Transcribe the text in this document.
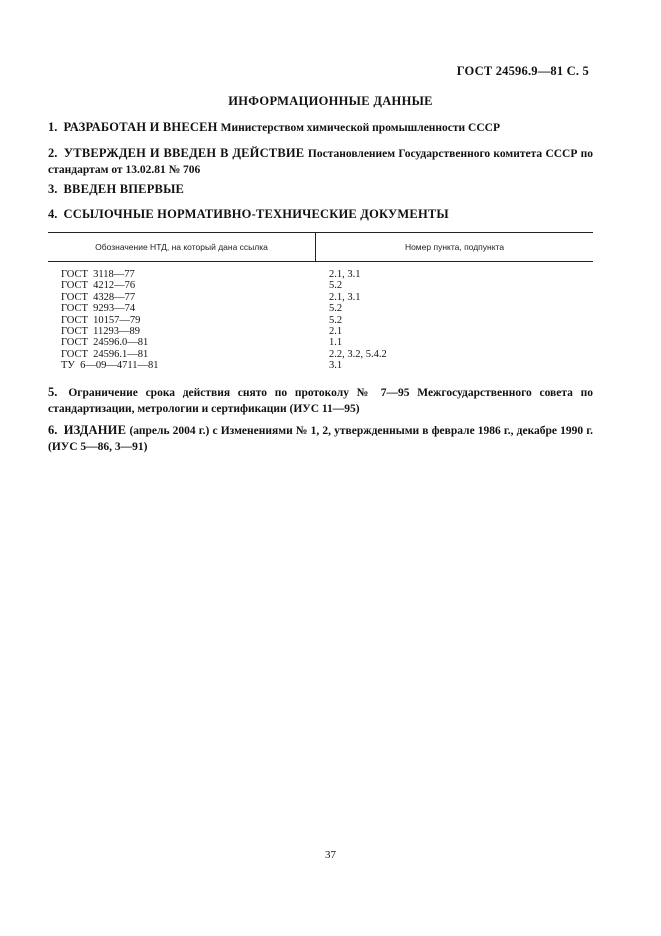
ГОСТ 24596.9—81 С. 5
ИНФОРМАЦИОННЫЕ ДАННЫЕ
1. РАЗРАБОТАН И ВНЕСЕН Министерством химической промышленности СССР
2. УТВЕРЖДЕН И ВВЕДЕН В ДЕЙСТВИЕ Постановлением Государственного комитета СССР по стандартам от 13.02.81 № 706
3. ВВЕДЕН ВПЕРВЫЕ
4. ССЫЛОЧНЫЕ НОРМАТИВНО-ТЕХНИЧЕСКИЕ ДОКУМЕНТЫ
Обозначение НТД, на который дана ссылка	Номер пункта, подпункта
ГОСТ  3118—77
ГОСТ  4212—76
ГОСТ  4328—77
ГОСТ  9293—74
ГОСТ  10157—79
ГОСТ  11293—89
ГОСТ  24596.0—81
ГОСТ  24596.1—81
ТУ  6—09—4711—81
2.1, 3.1
5.2
2.1, 3.1
5.2
5.2
2.1
1.1
2.2, 3.2, 5.4.2
3.1
5. Ограничение срока действия снято по протоколу № 7—95 Межгосударственного совета по стандартизации, метрологии и сертификации (ИУС 11—95)
6. ИЗДАНИЕ (апрель 2004 г.) с Изменениями № 1, 2, утвержденными в феврале 1986 г., декабре 1990 г. (ИУС 5—86, 3—91)
37
